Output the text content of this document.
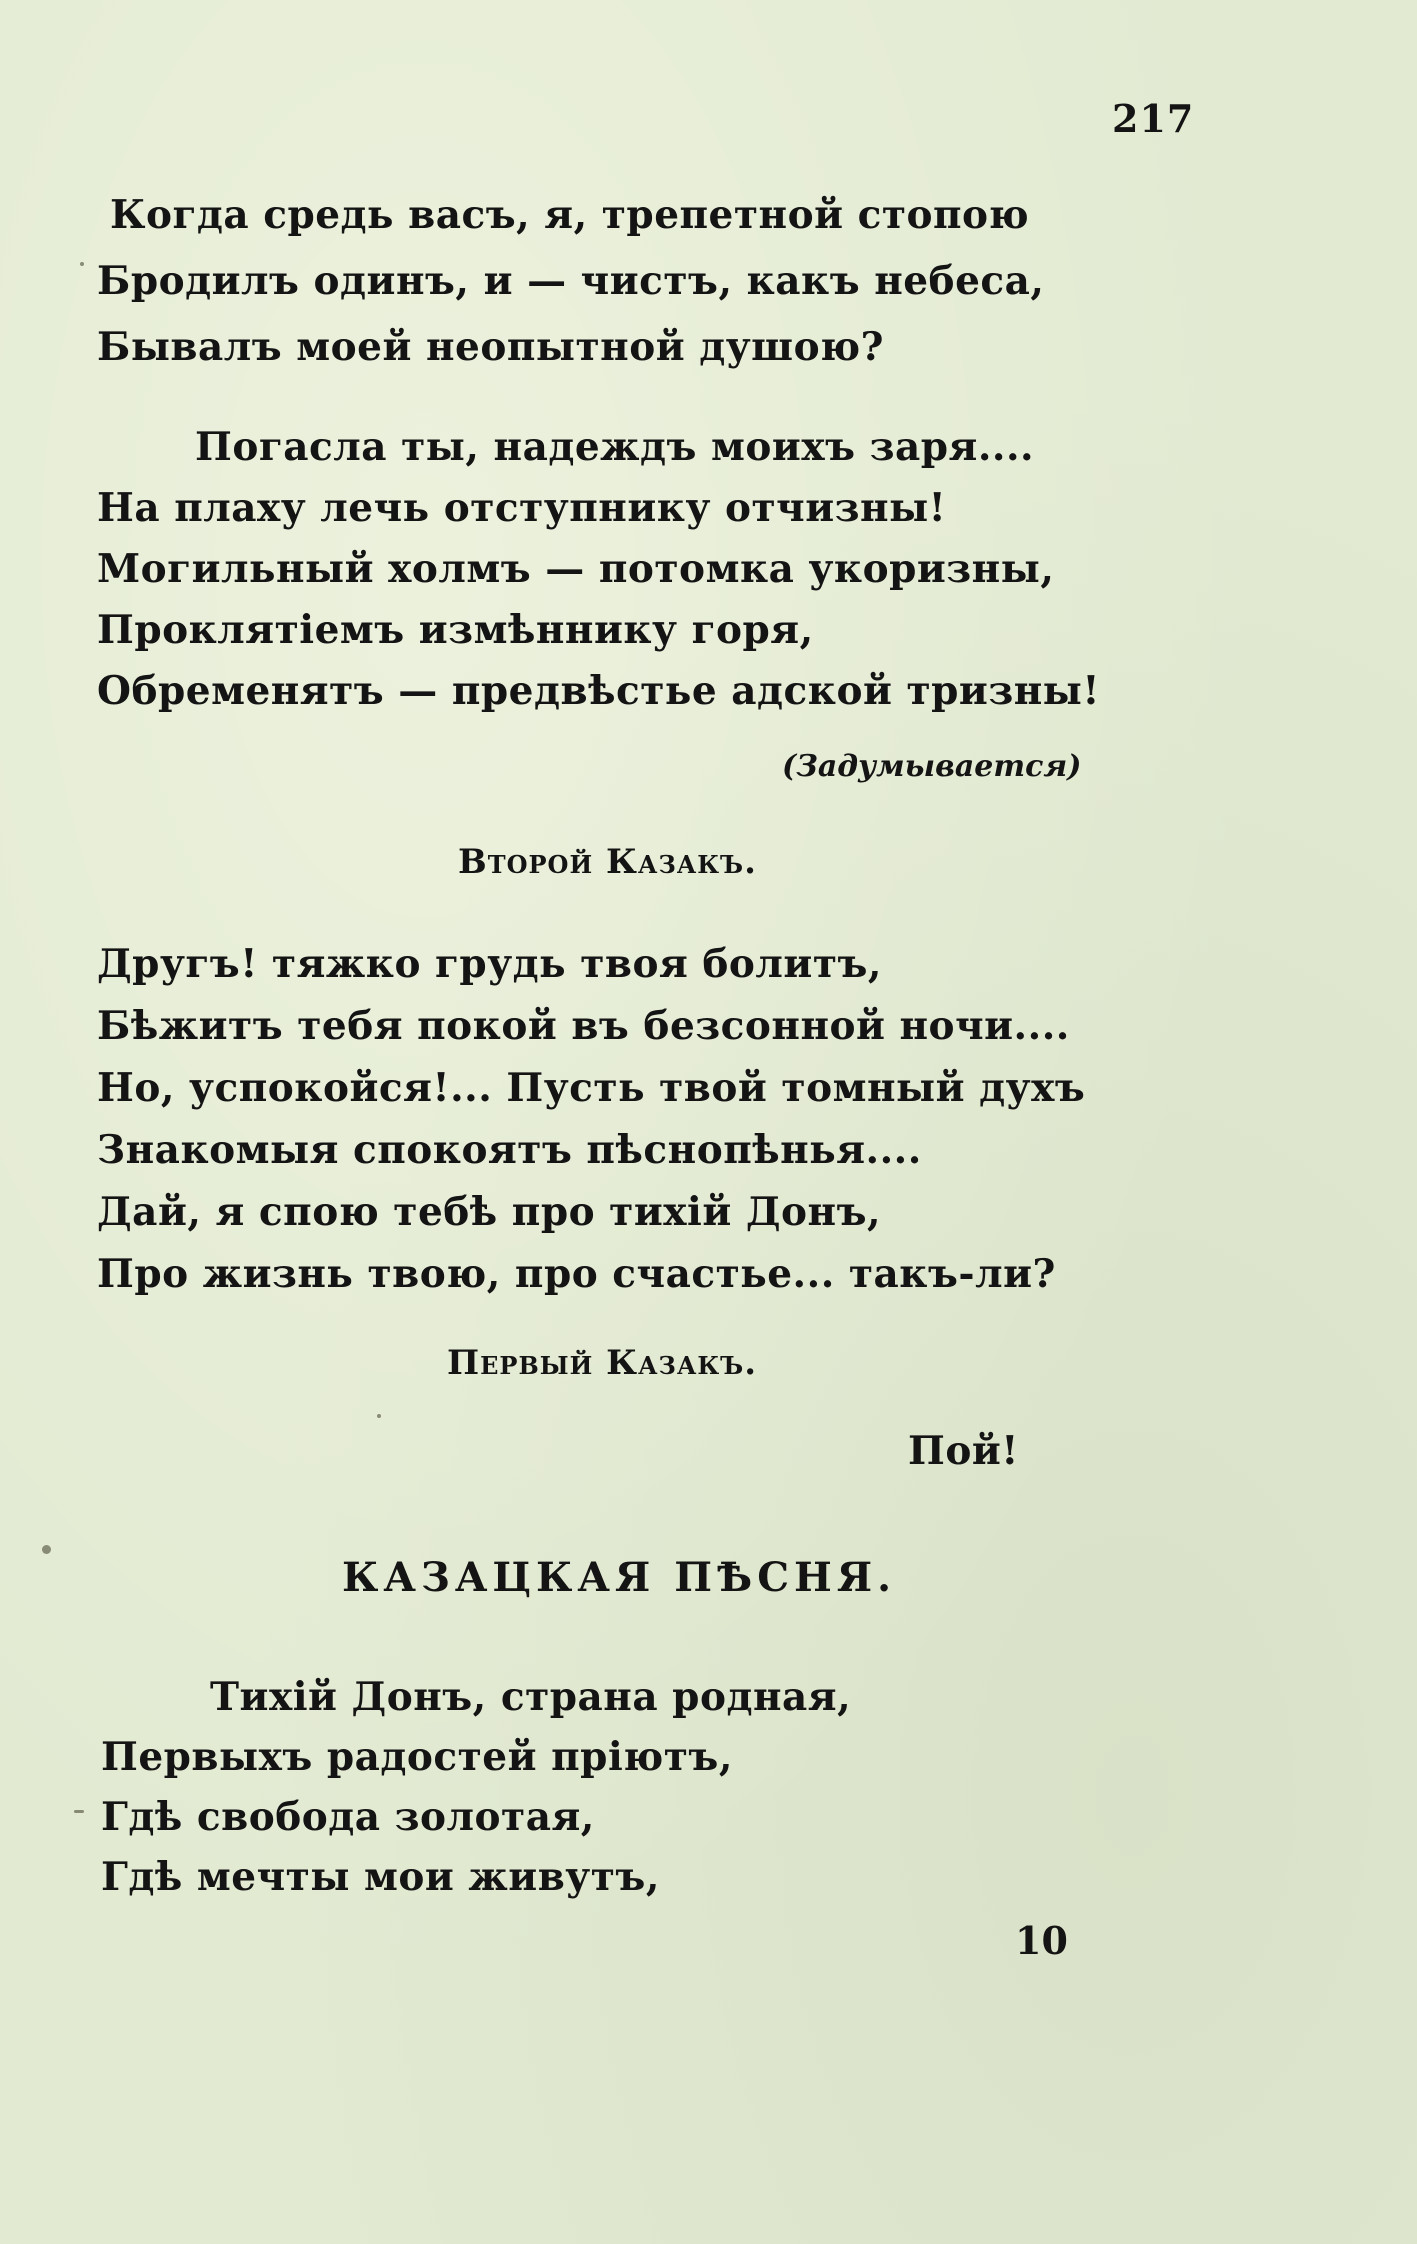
217
Когда средь васъ, я, трепетной стопою
Бродилъ одинъ, и — чистъ, какъ небеса,
Бывалъ моей неопытной душою?
Погасла ты, надеждъ моихъ заря....
На плаху лечь отступнику отчизны!
Могильный холмъ — потомка укоризны,
Проклятіемъ измѣннику горя,
Обременятъ — предвѣстье адской тризны!
(Задумывается)
Второй Казакъ.
Другъ! тяжко грудь твоя болитъ,
Бѣжитъ тебя покой въ безсонной ночи....
Но, успокойся!... Пусть твой томный духъ
Знакомыя спокоятъ пѣснопѣнья....
Дай, я спою тебѣ про тихій Донъ,
Про жизнь твою, про счастье... такъ-ли?
Первый Казакъ.
Пой!
КАЗАЦКАЯ ПѢСНЯ.
Тихій Донъ, страна родная,
Первыхъ радостей пріютъ,
Гдѣ свобода золотая,
Гдѣ мечты мои живутъ,
10
